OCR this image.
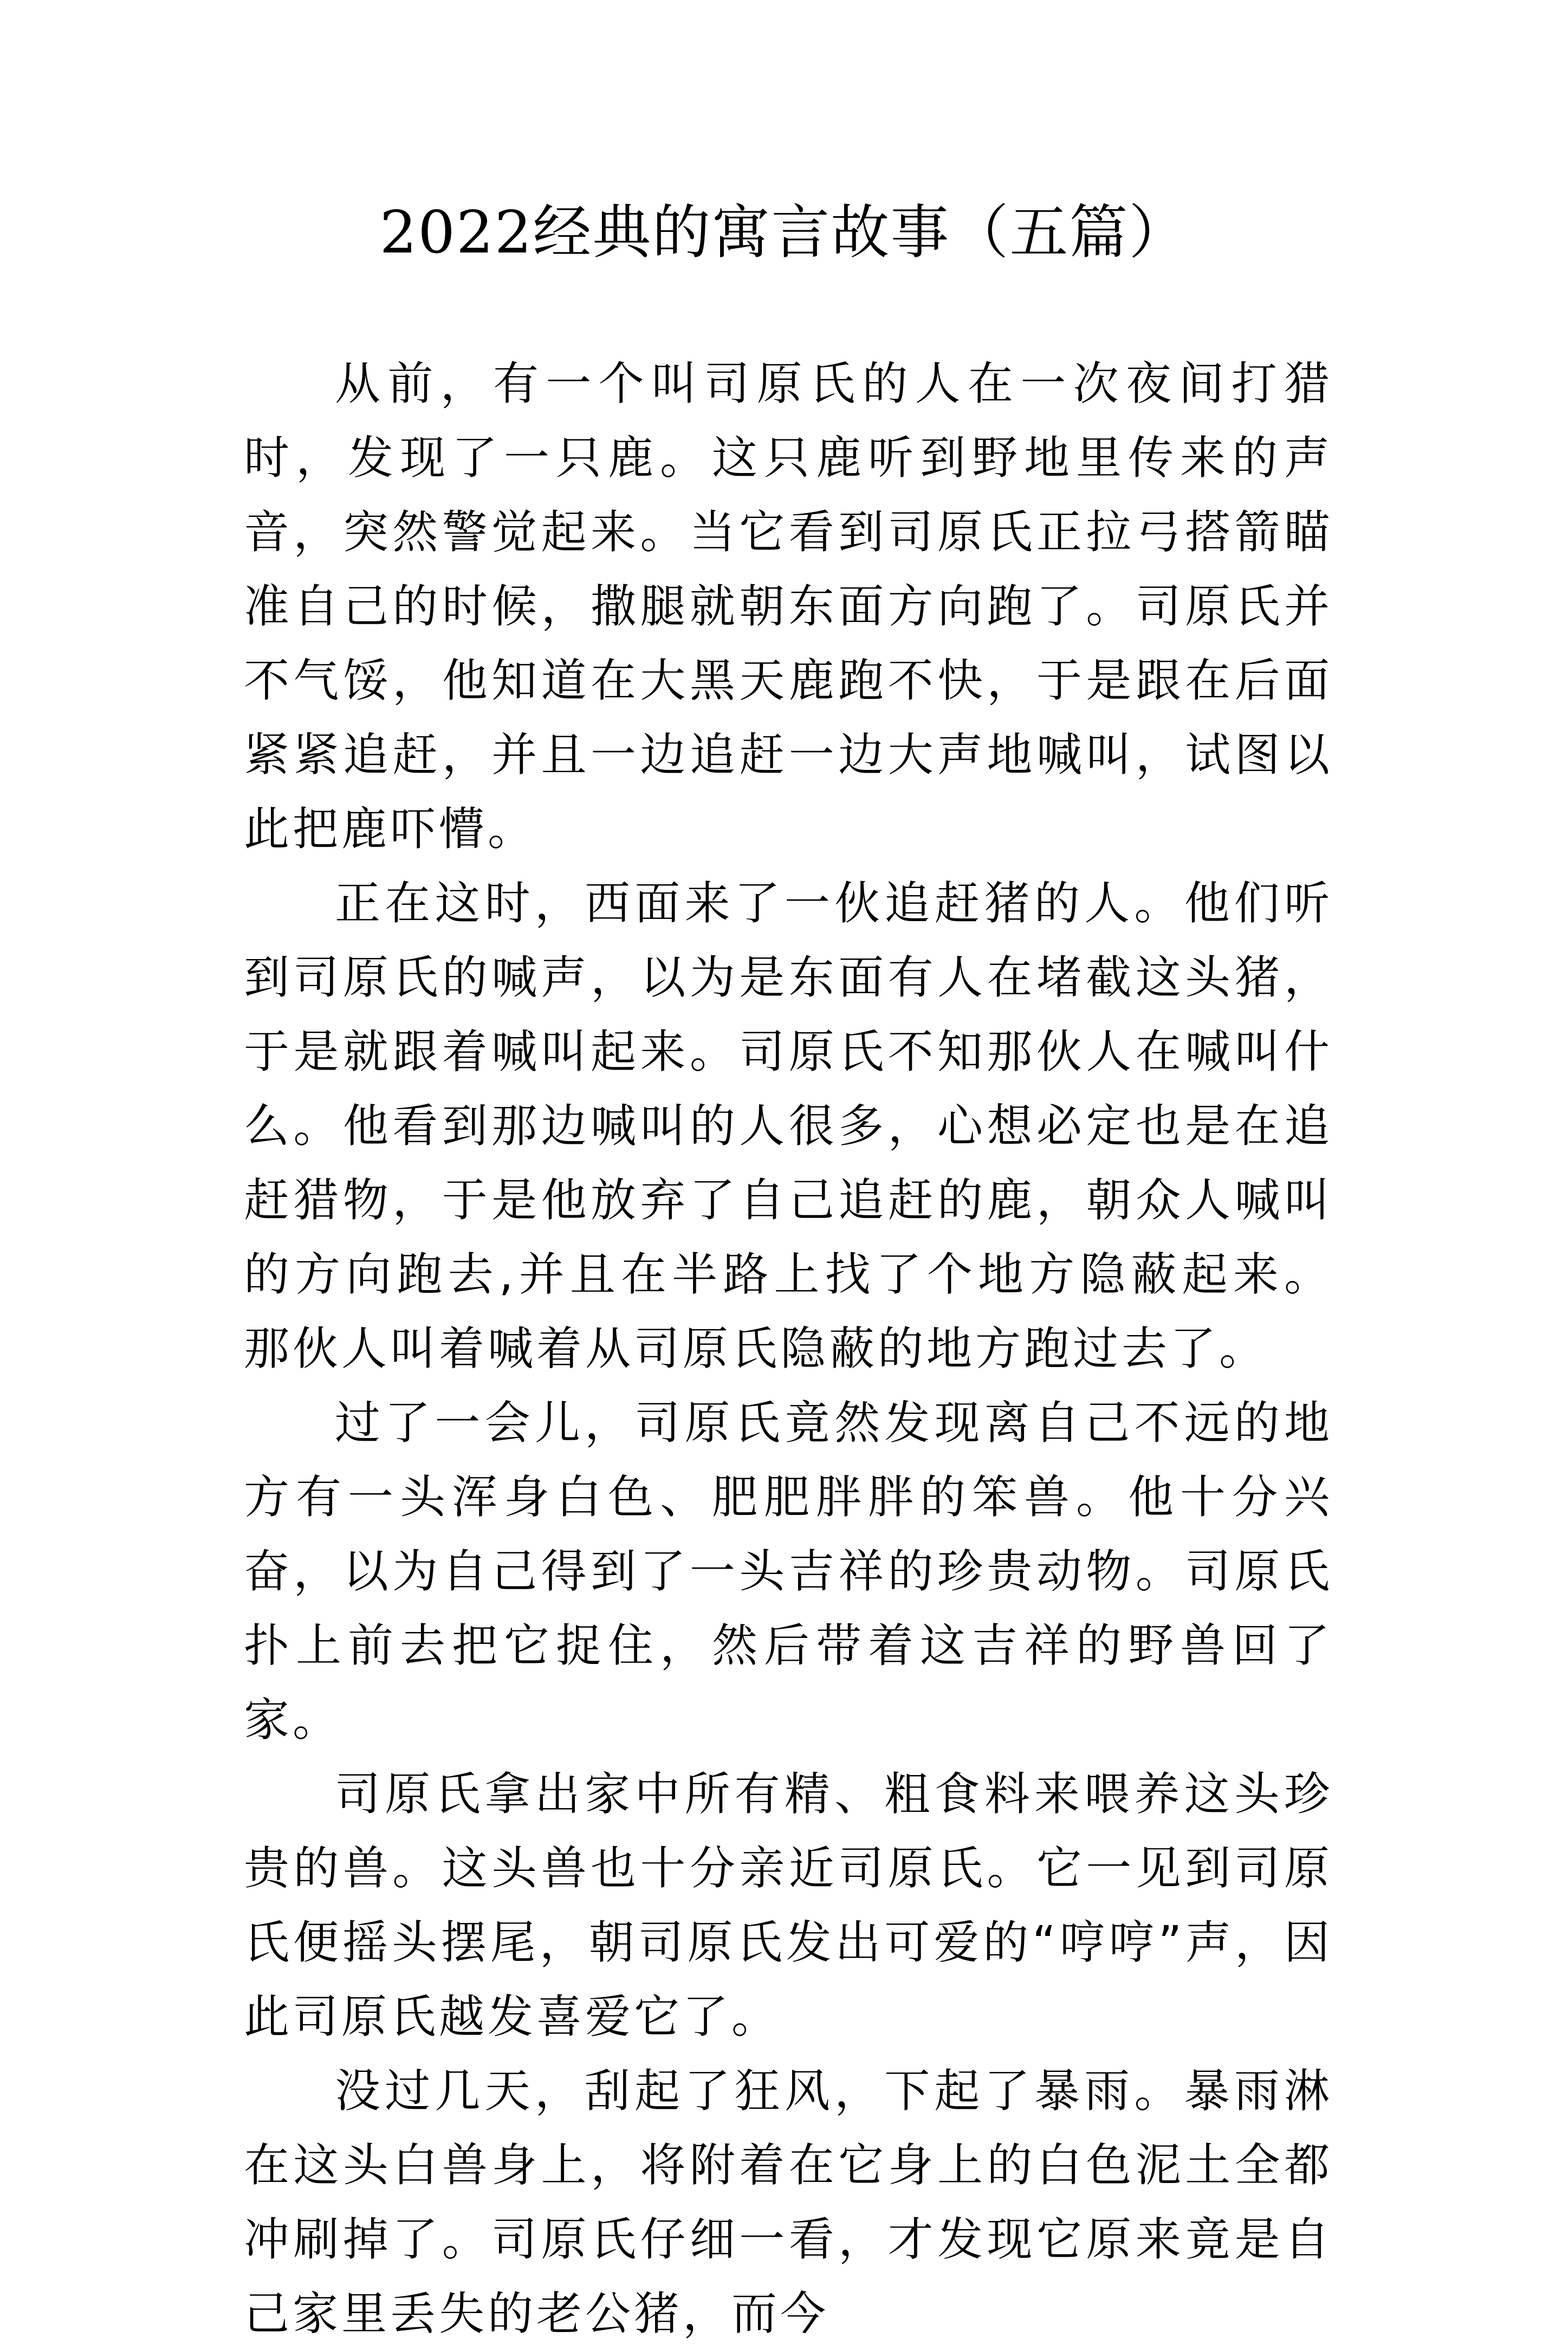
2022经典的寓言故事（五篇）

从前，有一个叫司原氏的人在一次夜间打猎时，发现了一只鹿。这只鹿听到野地里传来的声音，突然警觉起来。当它看到司原氏正拉弓搭箭瞄准自己的时候，撒腿就朝东面方向跑了。司原氏并不气馁，他知道在大黑天鹿跑不快，于是跟在后面紧紧追赶，并且一边追赶一边大声地喊叫，试图以此把鹿吓懵。

正在这时，西面来了一伙追赶猪的人。他们听到司原氏的喊声，以为是东面有人在堵截这头猪，于是就跟着喊叫起来。司原氏不知那伙人在喊叫什么。他看到那边喊叫的人很多，心想必定也是在追赶猎物，于是他放弃了自己追赶的鹿，朝众人喊叫的方向跑去,并且在半路上找了个地方隐蔽起来。那伙人叫着喊着从司原氏隐蔽的地方跑过去了。

过了一会儿，司原氏竟然发现离自己不远的地方有一头浑身白色、肥肥胖胖的笨兽。他十分兴奋，以为自己得到了一头吉祥的珍贵动物。司原氏扑上前去把它捉住，然后带着这吉祥的野兽回了家。

司原氏拿出家中所有精、粗食料来喂养这头珍贵的兽。这头兽也十分亲近司原氏。它一见到司原氏便摇头摆尾，朝司原氏发出可爱的“哼哼”声，因此司原氏越发喜爱它了。

没过几天，刮起了狂风，下起了暴雨。暴雨淋在这头白兽身上，将附着在它身上的白色泥土全都冲刷掉了。司原氏仔细一看，才发现它原来竟是自己家里丢失的老公猪，而今
